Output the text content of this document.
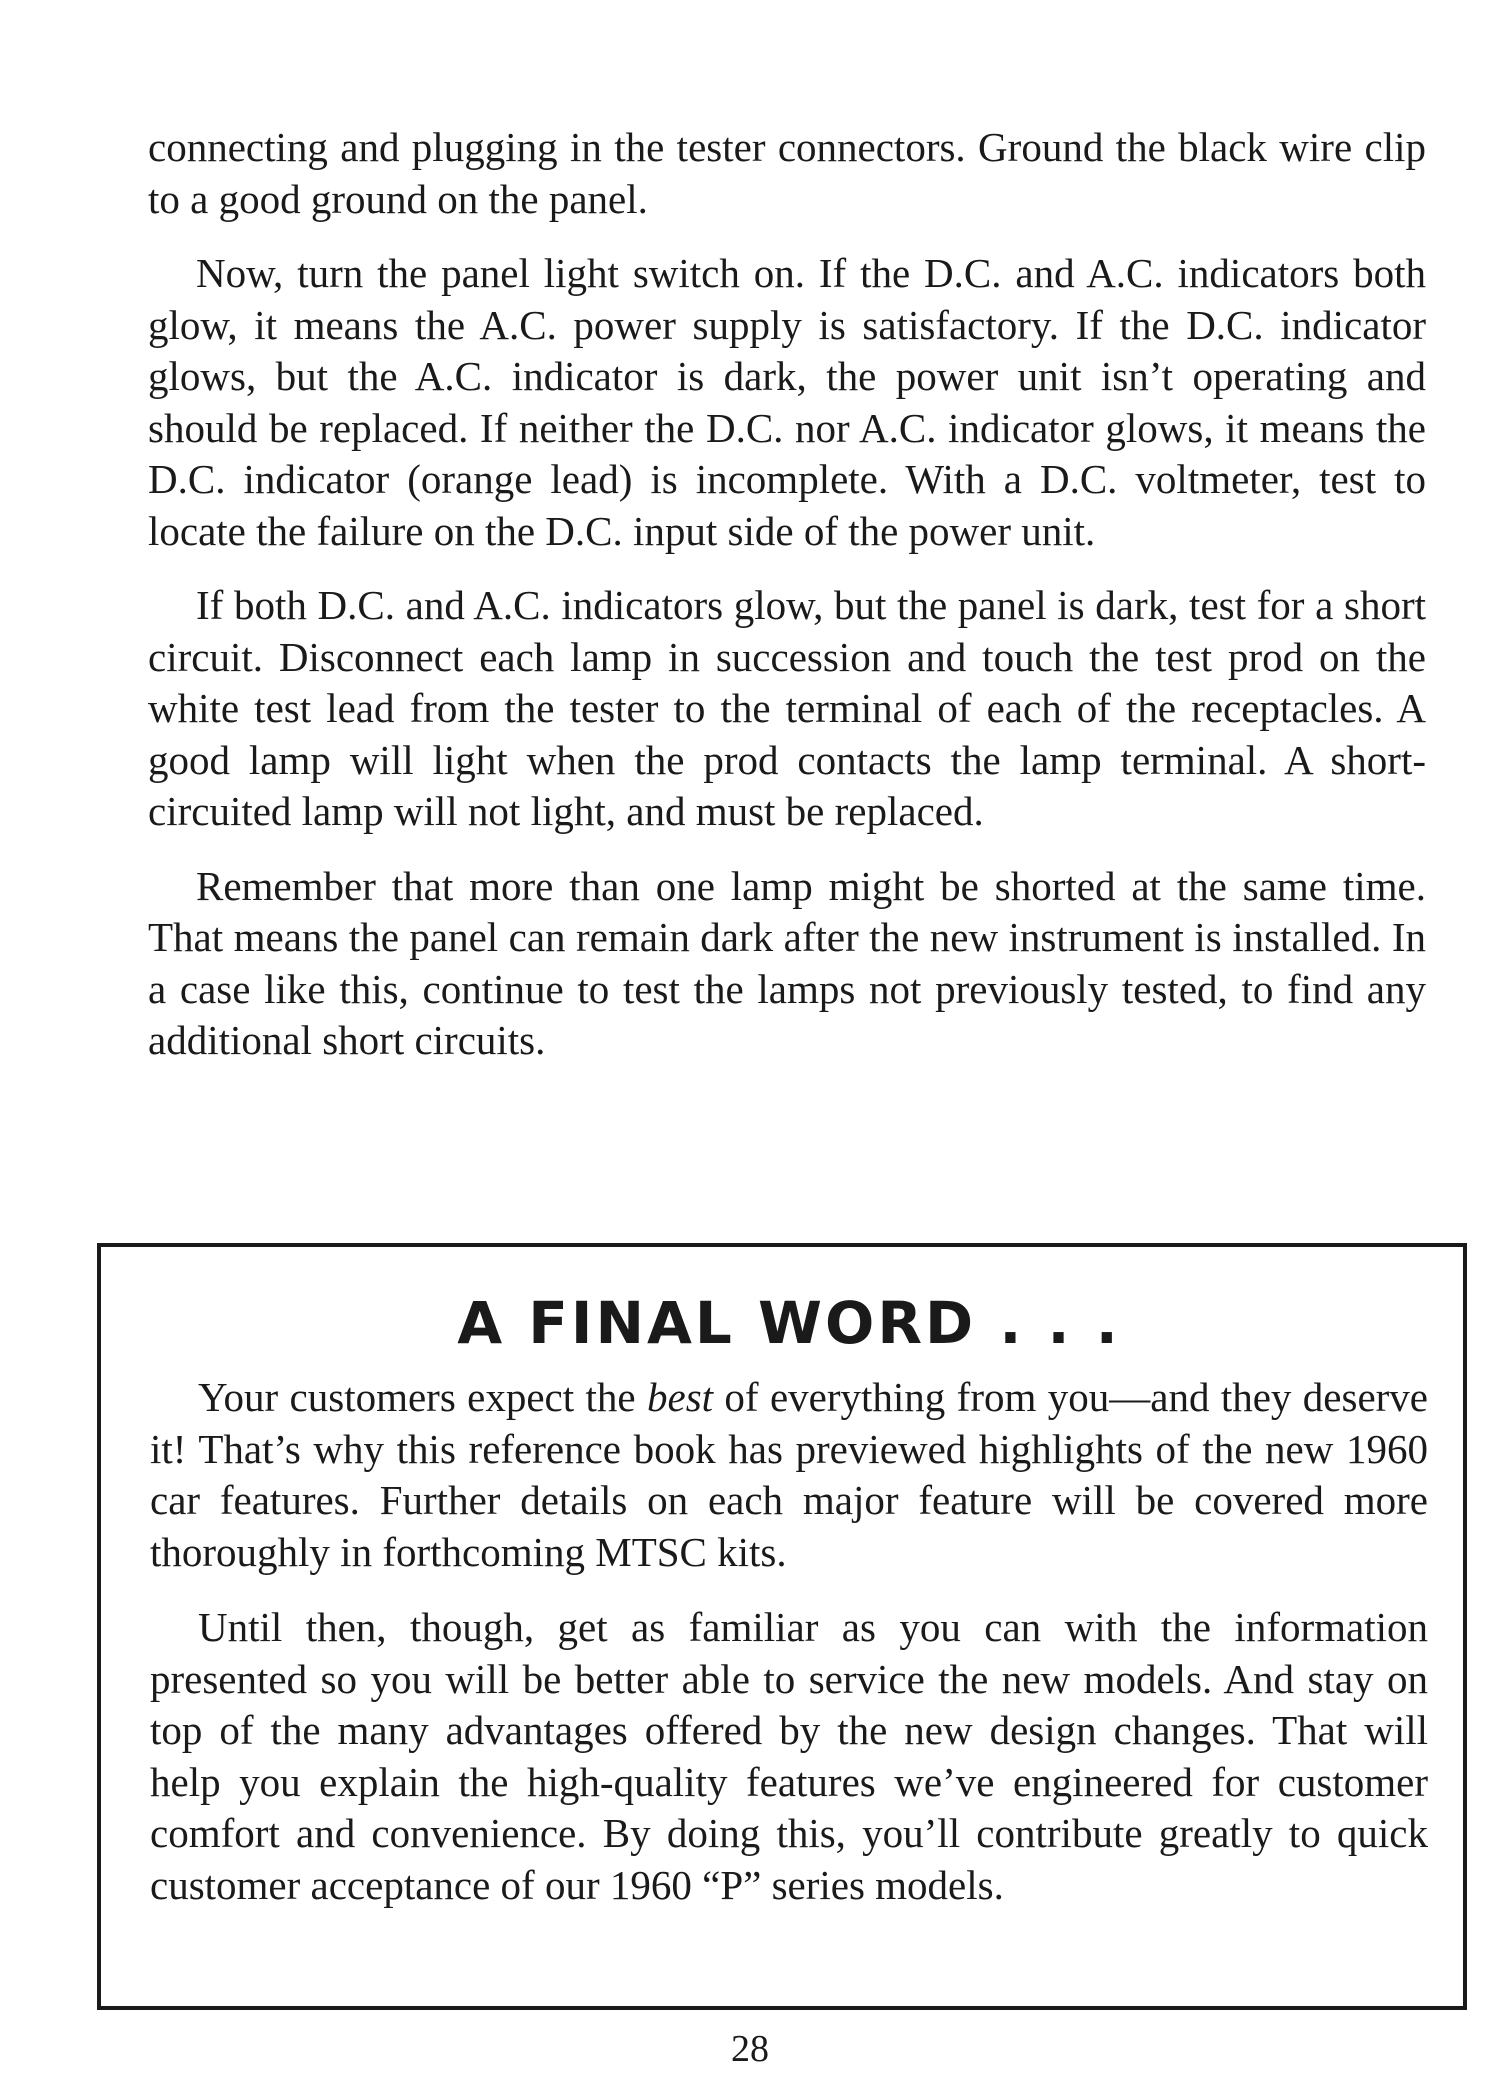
connecting and plugging in the tester connectors. Ground the black wire clip to a good ground on the panel.

Now, turn the panel light switch on. If the D.C. and A.C. indicators both glow, it means the A.C. power supply is satisfactory. If the D.C. indicator glows, but the A.C. indicator is dark, the power unit isn’t operating and should be replaced. If neither the D.C. nor A.C. indicator glows, it means the D.C. indicator (orange lead) is incomplete. With a D.C. voltmeter, test to locate the failure on the D.C. input side of the power unit.

If both D.C. and A.C. indicators glow, but the panel is dark, test for a short circuit. Disconnect each lamp in succession and touch the test prod on the white test lead from the tester to the terminal of each of the receptacles. A good lamp will light when the prod contacts the lamp terminal. A short-circuited lamp will not light, and must be replaced.

Remember that more than one lamp might be shorted at the same time. That means the panel can remain dark after the new instrument is installed. In a case like this, continue to test the lamps not previously tested, to find any additional short circuits.

A FINAL WORD . . .

Your customers expect the best of everything from you—and they deserve it! That’s why this reference book has previewed highlights of the new 1960 car features. Further details on each major feature will be covered more thoroughly in forthcoming MTSC kits.

Until then, though, get as familiar as you can with the information presented so you will be better able to service the new models. And stay on top of the many advantages offered by the new design changes. That will help you explain the high-quality features we’ve engineered for customer comfort and convenience. By doing this, you’ll contribute greatly to quick customer acceptance of our 1960 “P” series models.

28
